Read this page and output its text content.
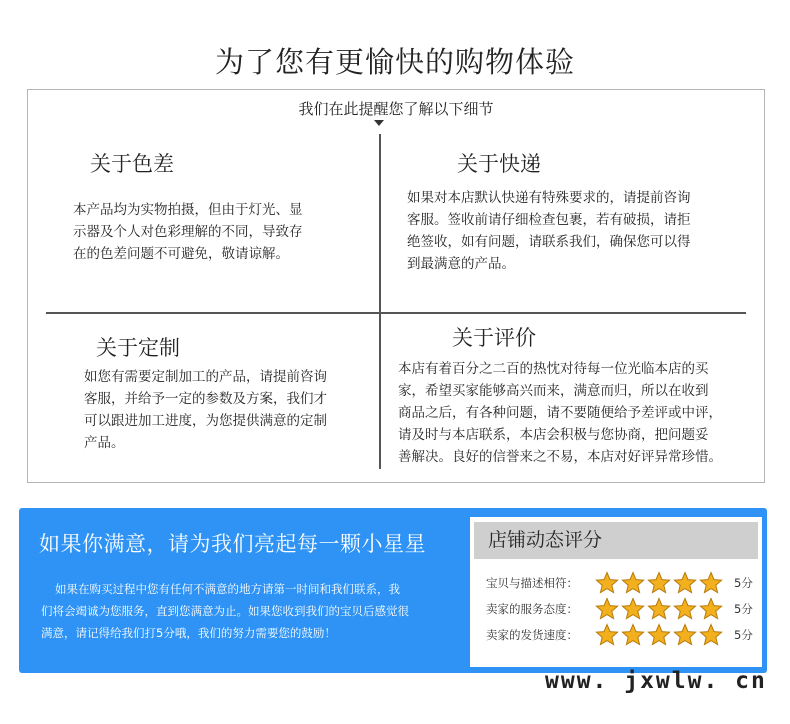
为了您有更愉快的购物体验
我们在此提醒您了解以下细节
关于色差
本产品均为实物拍摄，但由于灯光、显
示器及个人对色彩理解的不同，导致存
在的色差问题不可避免，敬请谅解。
关于快递
如果对本店默认快递有特殊要求的，请提前咨询
客服。签收前请仔细检查包裹，若有破损，请拒
绝签收，如有问题，请联系我们，确保您可以得
到最满意的产品。
关于定制
如您有需要定制加工的产品，请提前咨询
客服，并给予一定的参数及方案，我们才
可以跟进加工进度，为您提供满意的定制
产品。
关于评价
本店有着百分之二百的热忱对待每一位光临本店的买
家，希望买家能够高兴而来，满意而归，所以在收到
商品之后，有各种问题，请不要随便给予差评或中评，
请及时与本店联系，本店会积极与您协商，把问题妥
善解决。良好的信誉来之不易，本店对好评异常珍惜。
如果你满意，请为我们亮起每一颗小星星
如果在购买过程中您有任何不满意的地方请第一时间和我们联系，我
们将会竭诚为您服务，直到您满意为止。如果您收到我们的宝贝后感觉很
满意，请记得给我们打5分哦，我们的努力需要您的鼓励！
店铺动态评分
宝贝与描述相符：	5分
卖家的服务态度：	5分
卖家的发货速度：	5分
www. jxwlw. cn
